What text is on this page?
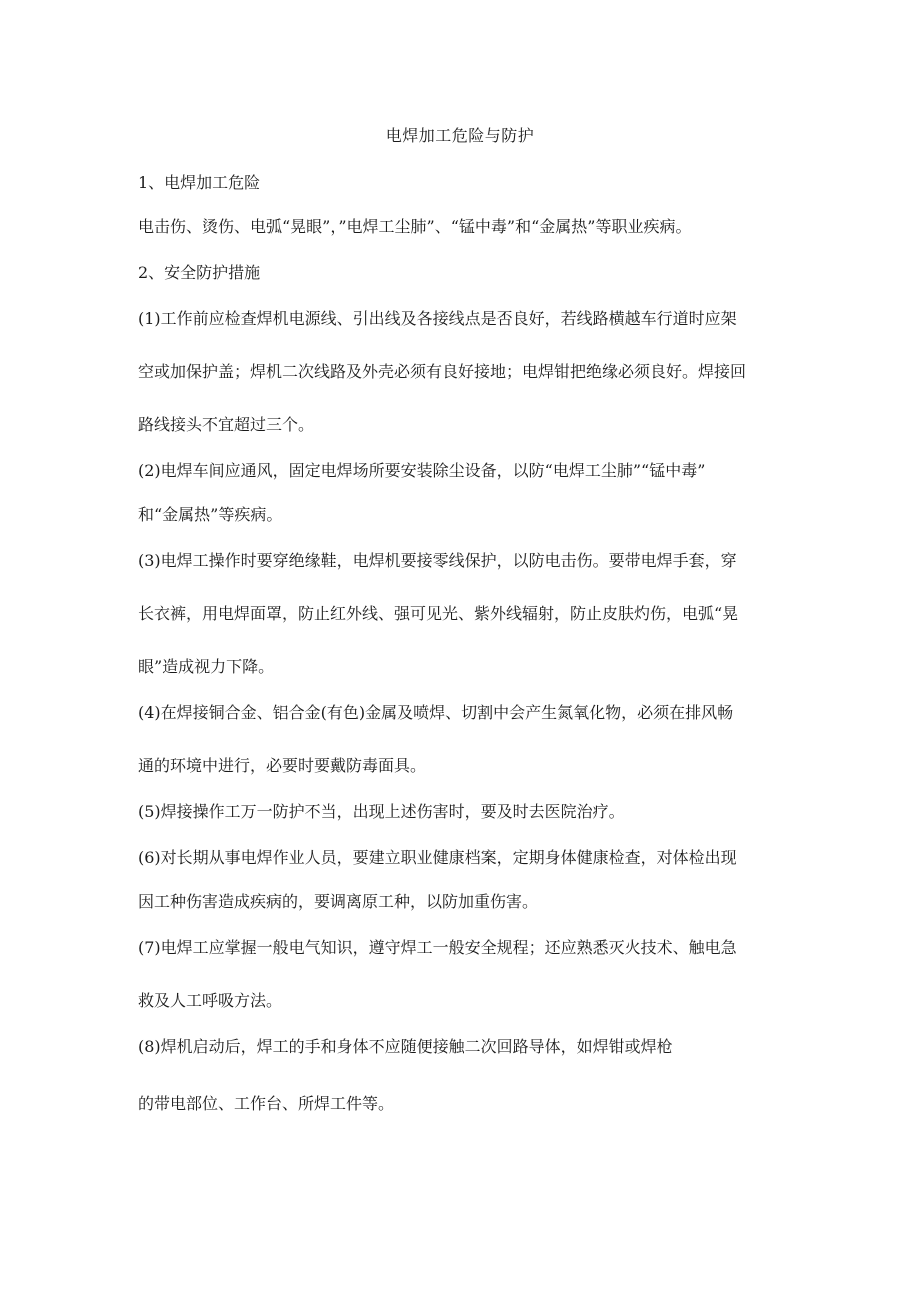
电焊加工危险与防护
1、电焊加工危险
电击伤、烫伤、电弧“晃眼”，”电焊工尘肺”、“锰中毒”和“金属热”等职业疾病。
2、安全防护措施
(1)工作前应检查焊机电源线、引出线及各接线点是否良好，若线路横越车行道时应架
空或加保护盖；焊机二次线路及外壳必须有良好接地；电焊钳把绝缘必须良好。焊接回
路线接头不宜超过三个。
(2)电焊车间应通风，固定电焊场所要安装除尘设备，以防“电焊工尘肺”“锰中毒”
和“金属热”等疾病。
(3)电焊工操作时要穿绝缘鞋，电焊机要接零线保护，以防电击伤。要带电焊手套，穿
长衣裤，用电焊面罩，防止红外线、强可见光、紫外线辐射，防止皮肤灼伤，电弧“晃
眼”造成视力下降。
(4)在焊接铜合金、铝合金(有色)金属及喷焊、切割中会产生氮氧化物，必须在排风畅
通的环境中进行，必要时要戴防毒面具。
(5)焊接操作工万一防护不当，出现上述伤害时，要及时去医院治疗。
(6)对长期从事电焊作业人员，要建立职业健康档案，定期身体健康检查，对体检出现
因工种伤害造成疾病的，要调离原工种，以防加重伤害。
(7)电焊工应掌握一般电气知识，遵守焊工一般安全规程；还应熟悉灭火技术、触电急
救及人工呼吸方法。
(8)焊机启动后，焊工的手和身体不应随便接触二次回路导体，如焊钳或焊枪
的带电部位、工作台、所焊工件等。
